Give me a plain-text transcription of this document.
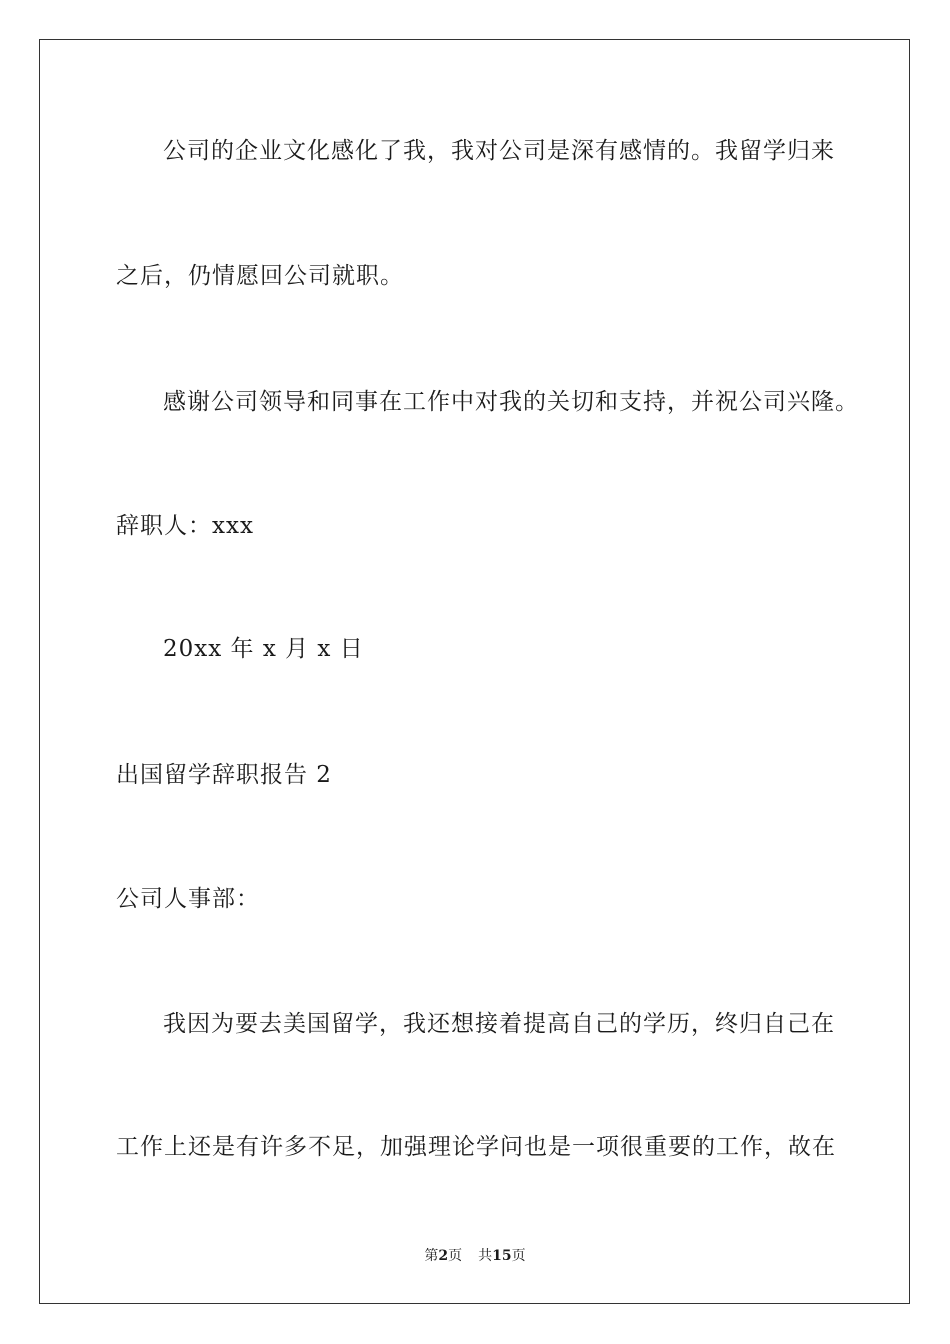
公司的企业文化感化了我，我对公司是深有感情的。我留学归来
之后，仍情愿回公司就职。
感谢公司领导和同事在工作中对我的关切和支持，并祝公司兴隆。
辞职人：xxx
20xx 年 x 月 x 日
出国留学辞职报告 2
公司人事部：
我因为要去美国留学，我还想接着提高自己的学历，终归自己在
工作上还是有许多不足，加强理论学问也是一项很重要的工作，故在
第2页 共15页
